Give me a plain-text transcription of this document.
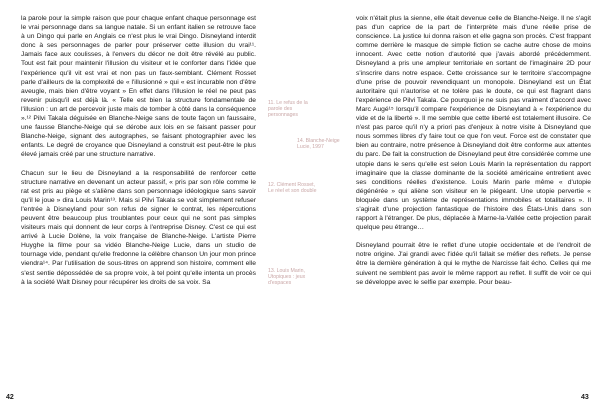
la parole pour la simple raison que pour chaque enfant chaque personnage est le vrai personnage dans sa langue natale. Si un enfant italien se retrouve face à un Dingo qui parle en Anglais ce n'est plus le vrai Dingo. Disneyland interdit donc à ses personnages de parler pour préserver cette illusion du vrai¹¹. Jamais face aux coulisses, à l'envers du décor ne doit être révélé au public. Tout est fait pour maintenir l'illusion du visiteur et le conforter dans l'idée que l'expérience qu'il vit est vrai et non pas un faux-semblant. Clément Rosset parle d'ailleurs de la complexité de « l'illusionné » qui « est incurable non d'être aveugle, mais bien d'être voyant » En effet dans l'illusion le réel ne peut pas revenir puisqu'il est déjà là. « Telle est bien la structure fondamentale de l'illusion : un art de percevoir juste mais de tomber à côté dans la conséquence ».¹² Pilvi Takala déguisée en Blanche-Neige sans de toute façon un faussaire, une fausse Blanche-Neige qui se dérobe aux lois en se faisant passer pour Blanche-Neige, signant des autographes, se faisant photographier avec les enfants. Le degré de croyance que Disneyland a construit est peut-être le plus élevé jamais créé par une structure narrative.

Chacun sur le lieu de Disneyland a la responsabilité de renforcer cette structure narrative en devenant un acteur passif, « pris par son rôle comme le rat est pris au piège et s'aliène dans son personnage idéologique sans savoir qu'il le joue » dira Louis Marin¹³. Mais si Pilvi Takala se voit simplement refuser l'entrée à Disneyland pour son refus de signer le contrat, les répercutions peuvent être beaucoup plus troublantes pour ceux qui ne sont pas simples visiteurs mais qui donnent de leur corps à l'entreprise Disney. C'est ce qui est arrivé à Lucie Dolène, la voix française de Blanche-Neige. L'artiste Pierre Huyghe la filme pour sa vidéo Blanche-Neige Lucie, dans un studio de tournage vide, pendant qu'elle fredonne la célèbre chanson Un jour mon prince viendra¹⁴. Par l'utilisation de sous-titres on apprend son histoire, comment elle s'est sentie dépossédée de sa propre voix, à tel point qu'elle intenta un procès à la société Walt Disney pour récupérer les droits de sa voix. Sa

voix n'était plus la sienne, elle était devenue celle de Blanche-Neige. Il ne s'agit pas d'un caprice de la part de l'interprète mais d'une réelle prise de conscience. La justice lui donna raison et elle gagna son procès. C'est frappant comme derrière le masque de simple fiction se cache autre chose de moins innocent. Avec cette notion d'autorité que j'avais abordé précédemment. Disneyland a pris une ampleur territoriale en sortant de l'imaginaire 2D pour s'inscrire dans notre espace. Cette croissance sur le territoire s'accompagne d'une prise de pouvoir revendiquant un monopole. Disneyland est un État autoritaire qui n'autorise et ne tolère pas le doute, ce qui est flagrant dans l'expérience de Pilvi Takala. Ce pourquoi je ne suis pas vraiment d'accord avec Marc Augé¹⁵ lorsqu'il compare l'expérience de Disneyland à « l'expérience du vide et de la liberté ». Il me semble que cette liberté est totalement illusoire. Ce n'est pas parce qu'il n'y a priori pas d'enjeux à notre visite à Disneyland que nous sommes libres d'y faire tout ce que l'on veut. Force est de constater que bien au contraire, notre présence à Disneyland doit être conforme aux attentes du parc. De fait la construction de Disneyland peut être considérée comme une utopie dans le sens qu'elle est selon Louis Marin la représentation du rapport imaginaire que la classe dominante de la société américaine entretient avec ses conditions réelles d'existence. Louis Marin parle même « d'utopie dégénérée » qui aliène son visiteur en le piégeant. Une utopie pervertie « bloquée dans un système de représentations immobiles et totalitaires ». Il s'agirait d'une projection fantastique de l'histoire des États-Unis dans son rapport à l'étranger. De plus, déplacée à Marne-la-Vallée cette projection parait quelque peu étrange…

Disneyland pourrait être le reflet d'une utopie occidentale et de l'endroit de notre origine. J'ai grandi avec l'idée qu'il fallait se méfier des reflets. Je pense être la dernière génération à qui le mythe de Narcisse fait écho. Celles qui me suivent ne semblent pas avoir le même rapport au reflet. Il suffit de voir ce qui se développe avec le selfie par exemple. Pour beau-

11. Le refus de la parole des personnages
12. Clément Rosset, Le réel et son double
13. Louis Marin, Utopiques : jeux d'espaces
14. Blanche-Neige Lucie, 1997
42	43
